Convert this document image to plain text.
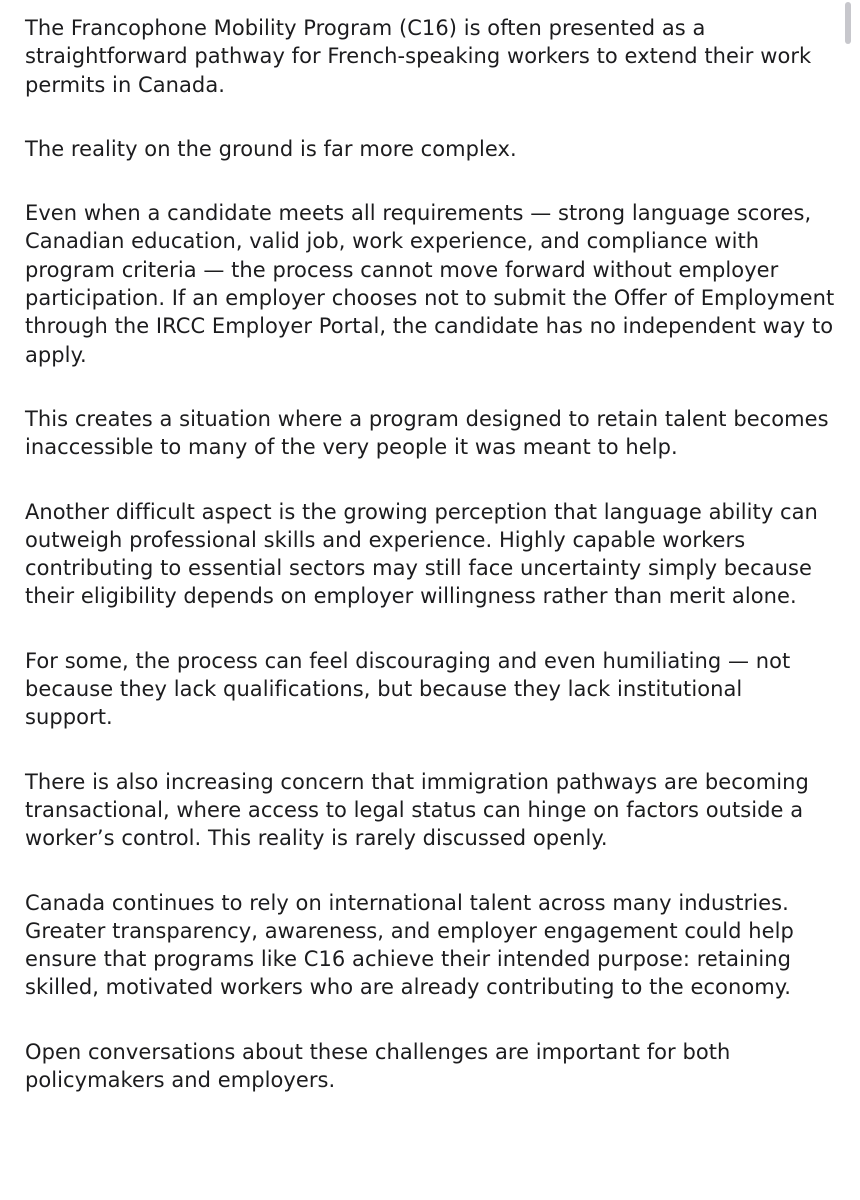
The Francophone Mobility Program (C16) is often presented as a straightforward pathway for French-speaking workers to extend their work permits in Canada.

The reality on the ground is far more complex.

Even when a candidate meets all requirements — strong language scores, Canadian education, valid job, work experience, and compliance with program criteria — the process cannot move forward without employer participation. If an employer chooses not to submit the Offer of Employment through the IRCC Employer Portal, the candidate has no independent way to apply.

This creates a situation where a program designed to retain talent becomes inaccessible to many of the very people it was meant to help.

Another difficult aspect is the growing perception that language ability can outweigh professional skills and experience. Highly capable workers contributing to essential sectors may still face uncertainty simply because their eligibility depends on employer willingness rather than merit alone.

For some, the process can feel discouraging and even humiliating — not because they lack qualifications, but because they lack institutional support.

There is also increasing concern that immigration pathways are becoming transactional, where access to legal status can hinge on factors outside a worker’s control. This reality is rarely discussed openly.

Canada continues to rely on international talent across many industries. Greater transparency, awareness, and employer engagement could help ensure that programs like C16 achieve their intended purpose: retaining skilled, motivated workers who are already contributing to the economy.

Open conversations about these challenges are important for both policymakers and employers.
